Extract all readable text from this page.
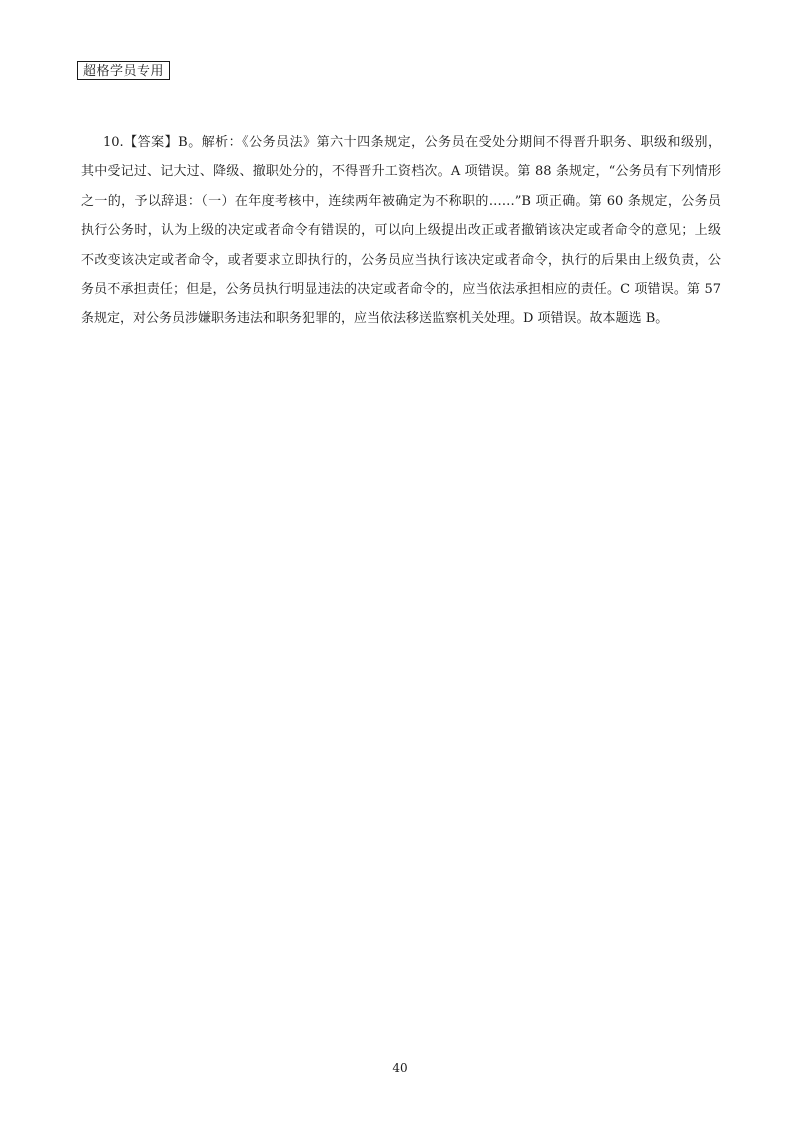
超格学员专用
10.【答案】B。解析：《公务员法》第六十四条规定，公务员在受处分期间不得晋升职务、职级和级别，
其中受记过、记大过、降级、撤职处分的，不得晋升工资档次。A 项错误。第 88 条规定，“公务员有下列情形
之一的，予以辞退：（一）在年度考核中，连续两年被确定为不称职的……”B 项正确。第 60 条规定，公务员
执行公务时，认为上级的决定或者命令有错误的，可以向上级提出改正或者撤销该决定或者命令的意见；上级
不改变该决定或者命令，或者要求立即执行的，公务员应当执行该决定或者命令，执行的后果由上级负责，公
务员不承担责任；但是，公务员执行明显违法的决定或者命令的，应当依法承担相应的责任。C 项错误。第 57
条规定，对公务员涉嫌职务违法和职务犯罪的，应当依法移送监察机关处理。D 项错误。故本题选 B。
40
